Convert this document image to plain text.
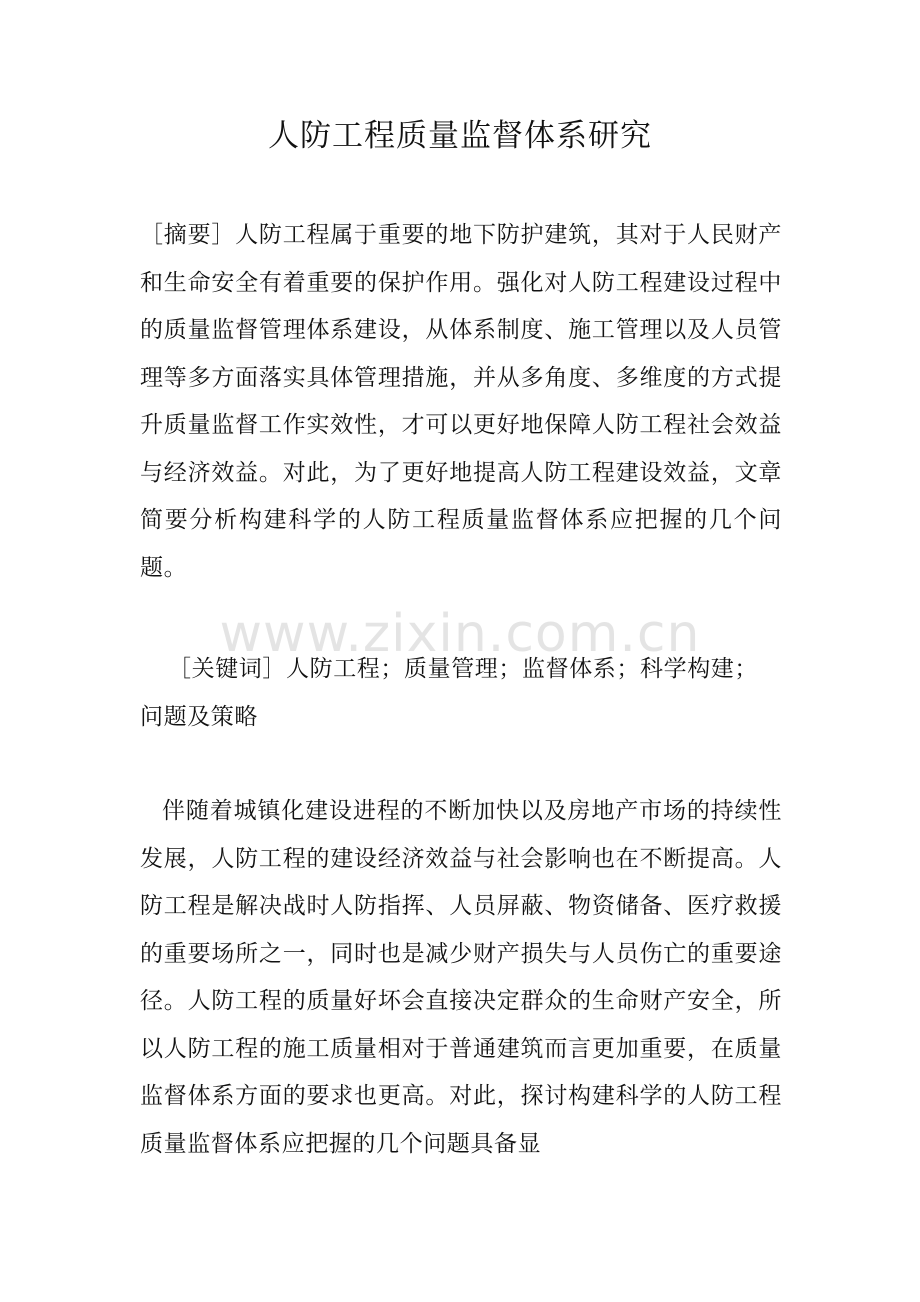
人防工程质量监督体系研究

［摘要］人防工程属于重要的地下防护建筑，其对于人民财产和生命安全有着重要的保护作用。强化对人防工程建设过程中的质量监督管理体系建设，从体系制度、施工管理以及人员管理等多方面落实具体管理措施，并从多角度、多维度的方式提升质量监督工作实效性，才可以更好地保障人防工程社会效益与经济效益。对此，为了更好地提高人防工程建设效益，文章简要分析构建科学的人防工程质量监督体系应把握的几个问题。

www.zixin.com.cn
［关键词］人防工程；质量管理；监督体系；科学构建；
问题及策略

伴随着城镇化建设进程的不断加快以及房地产市场的持续性发展，人防工程的建设经济效益与社会影响也在不断提高。人防工程是解决战时人防指挥、人员屏蔽、物资储备、医疗救援的重要场所之一，同时也是减少财产损失与人员伤亡的重要途径。人防工程的质量好坏会直接决定群众的生命财产安全，所以人防工程的施工质量相对于普通建筑而言更加重要，在质量监督体系方面的要求也更高。对此，探讨构建科学的人防工程质量监督体系应把握的几个问题具备显
